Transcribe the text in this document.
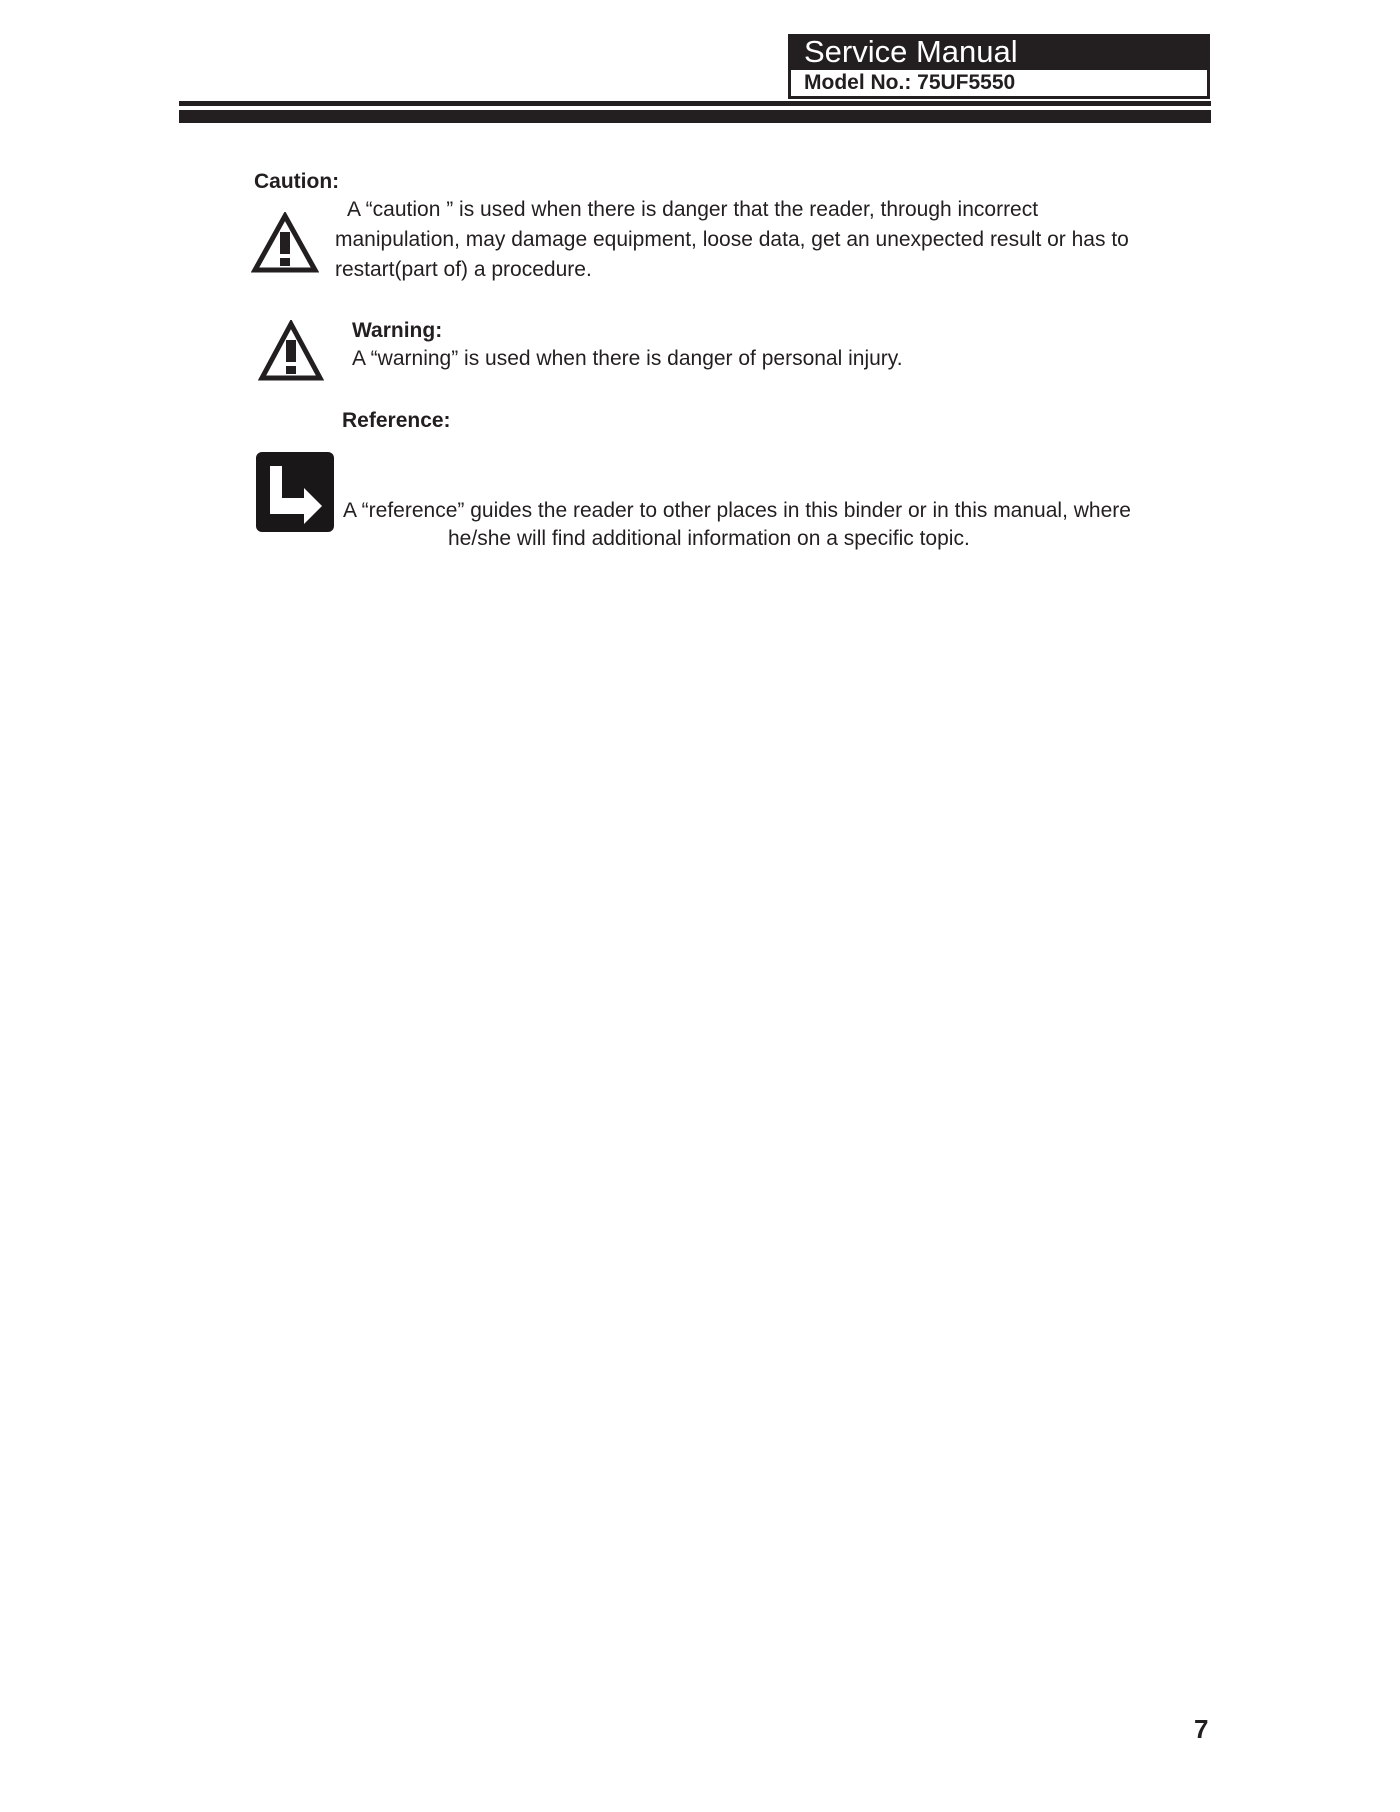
Service Manual
Model No.: 75UF5550
Caution:
A “caution ” is used when there is danger that the reader, through incorrect
manipulation, may damage equipment, loose data, get an unexpected result or has to
restart(part of) a procedure.
Warning:
A “warning” is used when there is danger of personal injury.
Reference:
A “reference” guides the reader to other places in this binder or in this manual, where
he/she will find additional information on a specific topic.
7
